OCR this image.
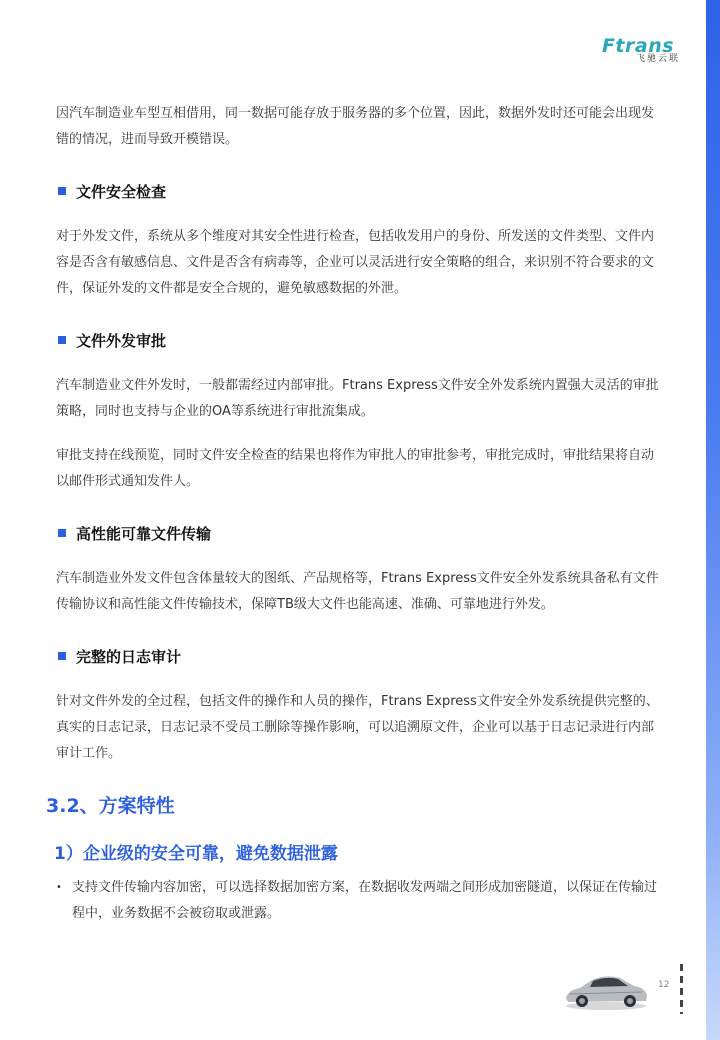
Ftrans
飞驰云联

因汽车制造业车型互相借用，同一数据可能存放于服务器的多个位置，因此，数据外发时还可能会出现发错的情况，进而导致开模错误。

文件安全检查

对于外发文件，系统从多个维度对其安全性进行检查，包括收发用户的身份、所发送的文件类型、文件内容是否含有敏感信息、文件是否含有病毒等，企业可以灵活进行安全策略的组合，来识别不符合要求的文件，保证外发的文件都是安全合规的，避免敏感数据的外泄。

文件外发审批

汽车制造业文件外发时，一般都需经过内部审批。Ftrans Express文件安全外发系统内置强大灵活的审批策略，同时也支持与企业的OA等系统进行审批流集成。

审批支持在线预览，同时文件安全检查的结果也将作为审批人的审批参考，审批完成时，审批结果将自动以邮件形式通知发件人。

高性能可靠文件传输

汽车制造业外发文件包含体量较大的图纸、产品规格等，Ftrans Express文件安全外发系统具备私有文件传输协议和高性能文件传输技术，保障TB级大文件也能高速、准确、可靠地进行外发。

完整的日志审计

针对文件外发的全过程，包括文件的操作和人员的操作，Ftrans Express文件安全外发系统提供完整的、真实的日志记录，日志记录不受员工删除等操作影响，可以追溯原文件，企业可以基于日志记录进行内部审计工作。

3.2、方案特性
1）企业级的安全可靠，避免数据泄露
• 支持文件传输内容加密，可以选择数据加密方案，在数据收发两端之间形成加密隧道，以保证在传输过程中，业务数据不会被窃取或泄露。
12
